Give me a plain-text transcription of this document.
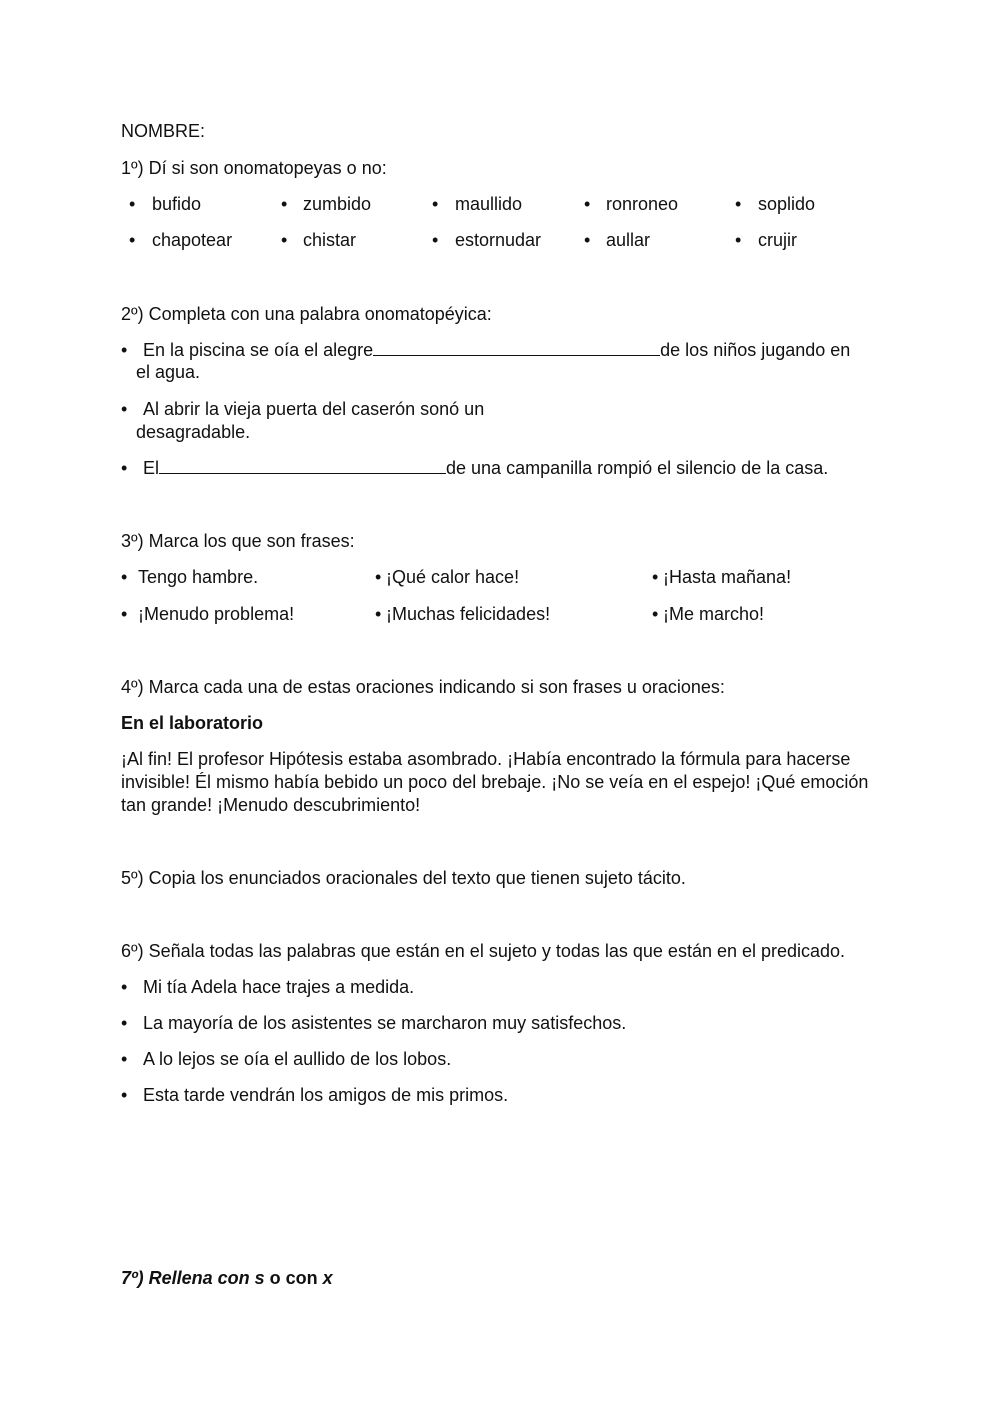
NOMBRE:
1º) Dí si son onomatopeyas o no:
• bufido	• zumbido	• maullido	• ronroneo	• soplido
• chapotear	• chistar	• estornudar • aullar	• crujir
2º) Completa con una palabra onomatopéyica:
• En la piscina se oía el alegre	de los niños jugando en
el agua.
• Al abrir la vieja puerta del caserón sonó un
desagradable.
• El	de una campanilla rompió el silencio de la casa.
3º) Marca los que son frases:
• Tengo hambre.	• ¡Qué calor hace!	• ¡Hasta mañana!
• ¡Menudo problema!	• ¡Muchas felicidades!	• ¡Me marcho!
4º) Marca cada una de estas oraciones indicando si son frases u oraciones:
En el laboratorio
¡Al fin! El profesor Hipótesis estaba asombrado. ¡Había encontrado la fórmula para hacerse
invisible! Él mismo había bebido un poco del brebaje. ¡No se veía en el espejo! ¡Qué emoción
tan grande! ¡Menudo descubrimiento!
5º) Copia los enunciados oracionales del texto que tienen sujeto tácito.
6º) Señala todas las palabras que están en el sujeto y todas las que están en el predicado.
• Mi tía Adela hace trajes a medida.
• La mayoría de los asistentes se marcharon muy satisfechos.
• A lo lejos se oía el aullido de los lobos.
• Esta tarde vendrán los amigos de mis primos.
7º) Rellena con s o con x
